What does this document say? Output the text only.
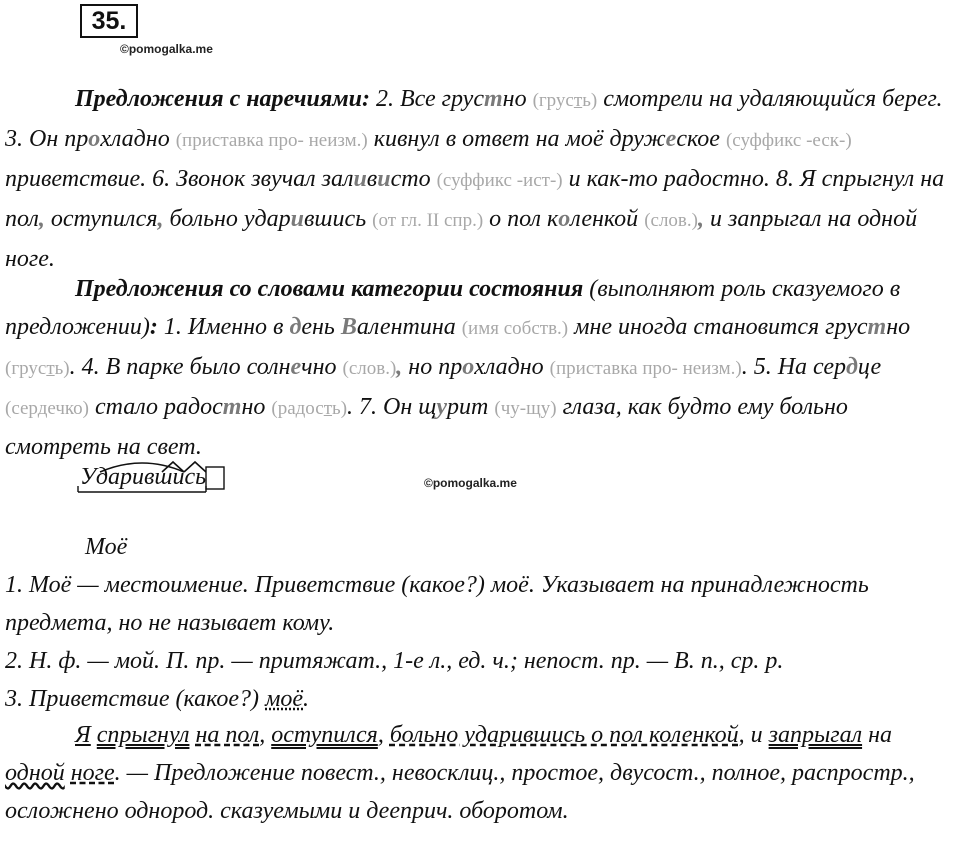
35.
©pomogalka.me

Предложения с наречиями: 2. Все грустно (грусть) смотрели на удаляющийся берег. 3. Он прохладно (приставка про- неизм.) кивнул в ответ на моё дружеское (суффикс -еск-) приветствие. 6. Звонок звучал заливисто (суффикс -ист-) и как-то радостно. 8. Я спрыгнул на пол, оступился, больно ударившись (от гл. II спр.) о пол коленкой (слов.), и запрыгал на одной ноге.

Предложения со словами категории состояния (выполняют роль сказуемого в предложении): 1. Именно в день Валентина (имя собств.) мне иногда становится грустно (грусть). 4. В парке было солнечно (слов.), но прохладно (приставка про- неизм.). 5. На сердце (сердечко) стало радостно (радость). 7. Он щурит (чу-щу) глаза, как будто ему больно смотреть на свет.

Ударившись	©pomogalka.me
Моё
1. Моё — местоимение. Приветствие (какое?) моё. Указывает на принадлежность предмета, но не называет кому.
2. Н. ф. — мой. П. пр. — притяжат., 1-е л., ед. ч.; непост. пр. — В. п., ср. р.
3. Приветствие (какое?) моё.

Я спрыгнул на пол, оступился, больно ударившись о пол коленкой, и запрыгал на одной ноге. — Предложение повест., невосклиц., простое, двусост., полное, распростр., осложнено однород. сказуемыми и дееприч. оборотом.
